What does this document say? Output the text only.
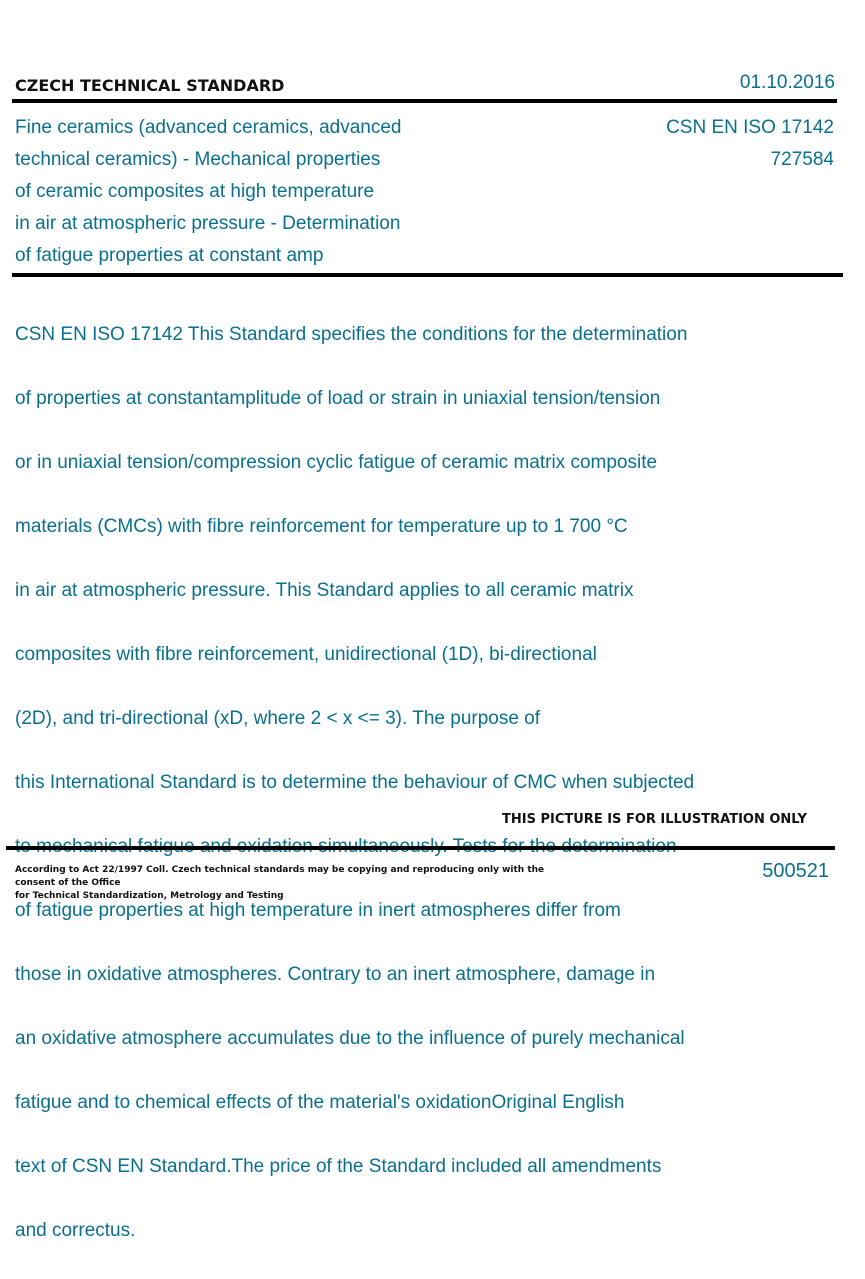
CZECH TECHNICAL STANDARD	01.10.2016
Fine ceramics (advanced ceramics, advanced
technical ceramics) - Mechanical properties
of ceramic composites at high temperature
in air at atmospheric pressure - Determination
of fatigue properties at constant amp
CSN EN ISO 17142
727584

CSN EN ISO 17142 This Standard specifies the conditions for the determination

of properties at constantamplitude of load or strain in uniaxial tension/tension

or in uniaxial tension/compression cyclic fatigue of ceramic matrix composite

materials (CMCs) with fibre reinforcement for temperature up to 1 700 °C

in air at atmospheric pressure. This Standard applies to all ceramic matrix

composites with fibre reinforcement, unidirectional (1D), bi-directional

(2D), and tri-directional (xD, where 2 < x <= 3). The purpose of

this International Standard is to determine the behaviour of CMC when subjected

of fatigue properties at high temperature in inert atmospheres differ from

those in oxidative atmospheres. Contrary to an inert atmosphere, damage in

an oxidative atmosphere accumulates due to the influence of purely mechanical

fatigue and to chemical effects of the material's oxidationOriginal English

text of CSN EN Standard.The price of the Standard included all amendments

and correctus.

THIS PICTURE IS FOR ILLUSTRATION ONLY
According to Act 22/1997 Coll. Czech technical standards may be copying and reproducing only with the consent of the Office
for Technical Standardization, Metrology and Testing
500521
